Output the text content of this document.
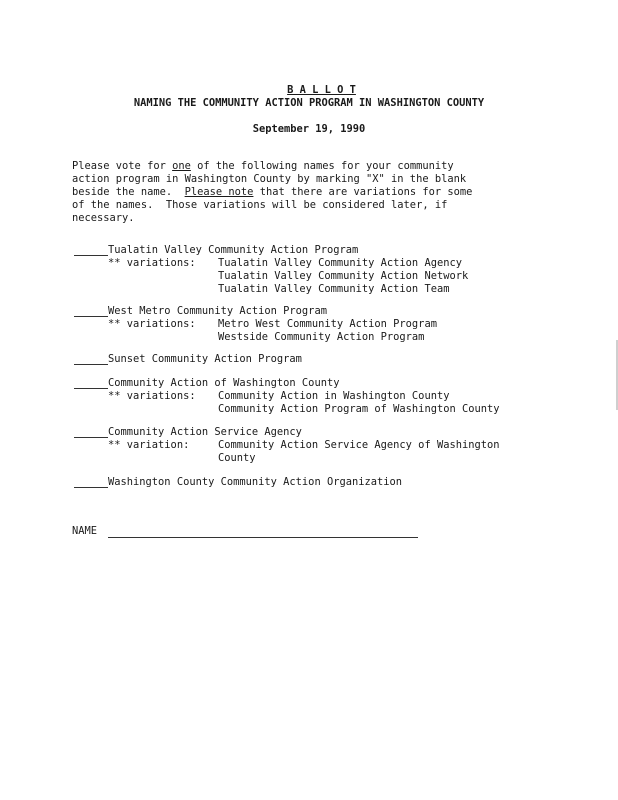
B A L L O T

NAMING THE COMMUNITY ACTION PROGRAM IN WASHINGTON COUNTY
September 19, 1990
Please vote for one of the following names for your community
action program in Washington County by marking "X" in the blank
beside the name.  Please note that there are variations for some
of the names.  Those variations will be considered later, if
necessary.
Tualatin Valley Community Action Program
** variations: Tualatin Valley Community Action Agency
Tualatin Valley Community Action Network
Tualatin Valley Community Action Team
West Metro Community Action Program
** variations: Metro West Community Action Program
Westside Community Action Program
Sunset Community Action Program
Community Action of Washington County
** variations: Community Action in Washington County
Community Action Program of Washington County
Community Action Service Agency
** variation:	Community Action Service Agency of Washington
County
Washington County Community Action Organization
NAME
